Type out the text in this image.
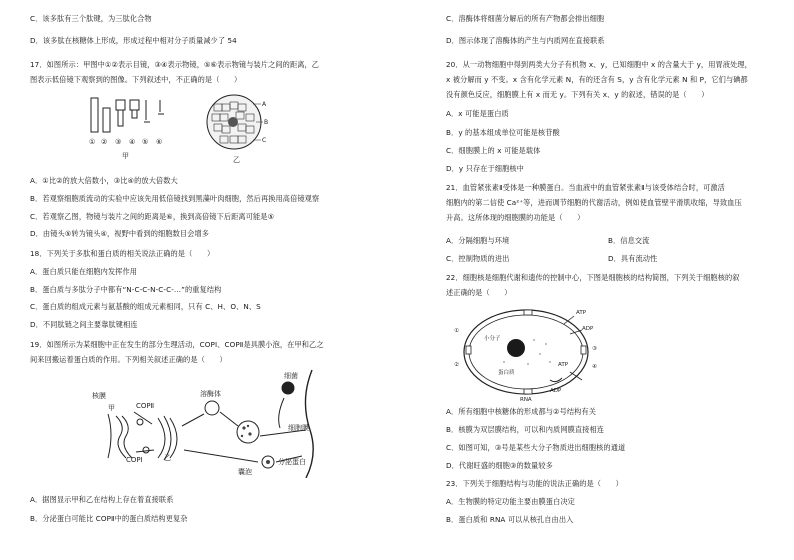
C．该多肽有三个肽键，为三肽化合物
D．该多肽在核糖体上形成，形成过程中相对分子质量减少了 54
17．如图所示：甲图中①②表示目镜，③④表示物镜，⑤⑥表示物镜与装片之间的距离，乙
图表示低倍镜下观察到的图像。下列叙述中，不正确的是（　　）
① ② ③ ④ ⑤ ⑥
甲	乙
A
B
C
A．①比②的放大倍数小，③比④的放大倍数大
B．若观察细胞质流动的实验中应该先用低倍镜找到黑藻叶肉细胞，然后再换用高倍镜观察
C．若观察乙图，物镜与装片之间的距离是⑥，换到高倍镜下后距离可能是⑤
D．由镜头⑤转为镜头④，视野中看到的细胞数目会增多
18．下列关于多肽和蛋白质的相关说法正确的是（　　）
A．蛋白质只能在细胞内发挥作用
B．蛋白质与多肽分子中都有“N-C-C-N-C-C-…”的重复结构
C．蛋白质的组成元素与氨基酸的组成元素相同，只有 C、H、O、N、S
D．不同肽链之间主要靠肽键相连
19．如图所示为某细胞中正在发生的部分生理活动，COPⅠ、COPⅡ是具膜小泡，在甲和乙之
间来回搬运着蛋白质的作用。下列相关叙述正确的是（　　）
核膜
甲	COPⅡ
COPⅠ	乙
溶酶体
细菌
细胞膜
囊泡
分泌蛋白
A．据图显示甲和乙在结构上存在着直接联系
B．分泌蛋白可能比 COPⅡ中的蛋白质结构更复杂
C．溶酶体将细菌分解后的所有产物都会排出细胞
D．图示体现了溶酶体的产生与内质网在直接联系
20．从一动物细胞中得到两类大分子有机物 x、y，已知细胞中 x 的含量大于 y，用胃液处理，
x 被分解而 y 不变。x 含有化学元素 N，有的还含有 S，y 含有化学元素 N 和 P，它们与碘都
没有颜色反应，细胞膜上有 x 而无 y。下列有关 x、y 的叙述，错误的是（　　）
A．x 可能是蛋白质
B．y 的基本组成单位可能是核苷酸
C．细胞膜上的 x 可能是载体
D．y 只存在于细胞核中
21．血管紧张素Ⅱ受体是一种膜蛋白。当血液中的血管紧张素Ⅱ与该受体结合时，可激活
细胞内的第二信使 Ca²⁺等，进而调节细胞的代谢活动，例如使血管壁平滑肌收缩，导致血压
升高。这所体现的细胞膜的功能是（　　）
A．分隔细胞与环境	B．信息交流
C．控制物质的进出	D．具有流动性
22．细胞核是细胞代谢和遗传的控制中心，下图是细胞核的结构简图，下列关于细胞核的叙
述正确的是（　　）
ATP
ADP
ATP
ADP
小分子
蛋白质
RNA
①
②
③
④
A．所有细胞中核糖体的形成都与②号结构有关
B．核膜为双层膜结构，可以和内质网膜直接相连
C．如图可知，③号是某些大分子物质进出细胞核的通道
D．代谢旺盛的细胞③的数量较多
23．下列关于细胞结构与功能的说法正确的是（　　）
A．生物膜的特定功能主要由膜蛋白决定
B．蛋白质和 RNA 可以从核孔自由出入
